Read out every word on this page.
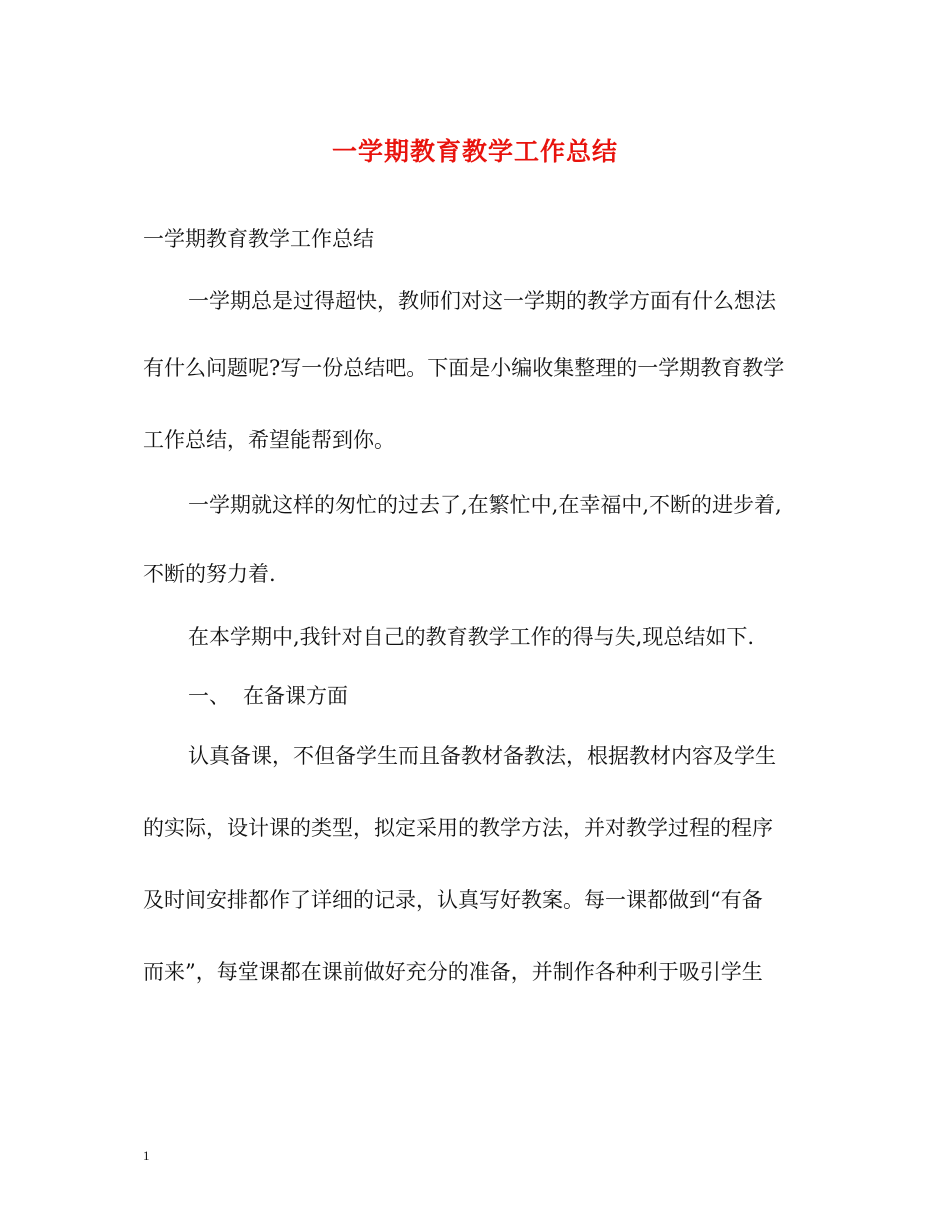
一学期教育教学工作总结
一学期教育教学工作总结
一学期总是过得超快，教师们对这一学期的教学方面有什么想法
有什么问题呢?写一份总结吧。下面是小编收集整理的一学期教育教学
工作总结，希望能帮到你。
一学期就这样的匆忙的过去了,在繁忙中,在幸福中,不断的进步着,
不断的努力着.
在本学期中,我针对自己的教育教学工作的得与失,现总结如下.
一、 在备课方面
认真备课，不但备学生而且备教材备教法，根据教材内容及学生
的实际，设计课的类型，拟定采用的教学方法，并对教学过程的程序
及时间安排都作了详细的记录，认真写好教案。每一课都做到“有备
而来”，每堂课都在课前做好充分的准备，并制作各种利于吸引学生
1
